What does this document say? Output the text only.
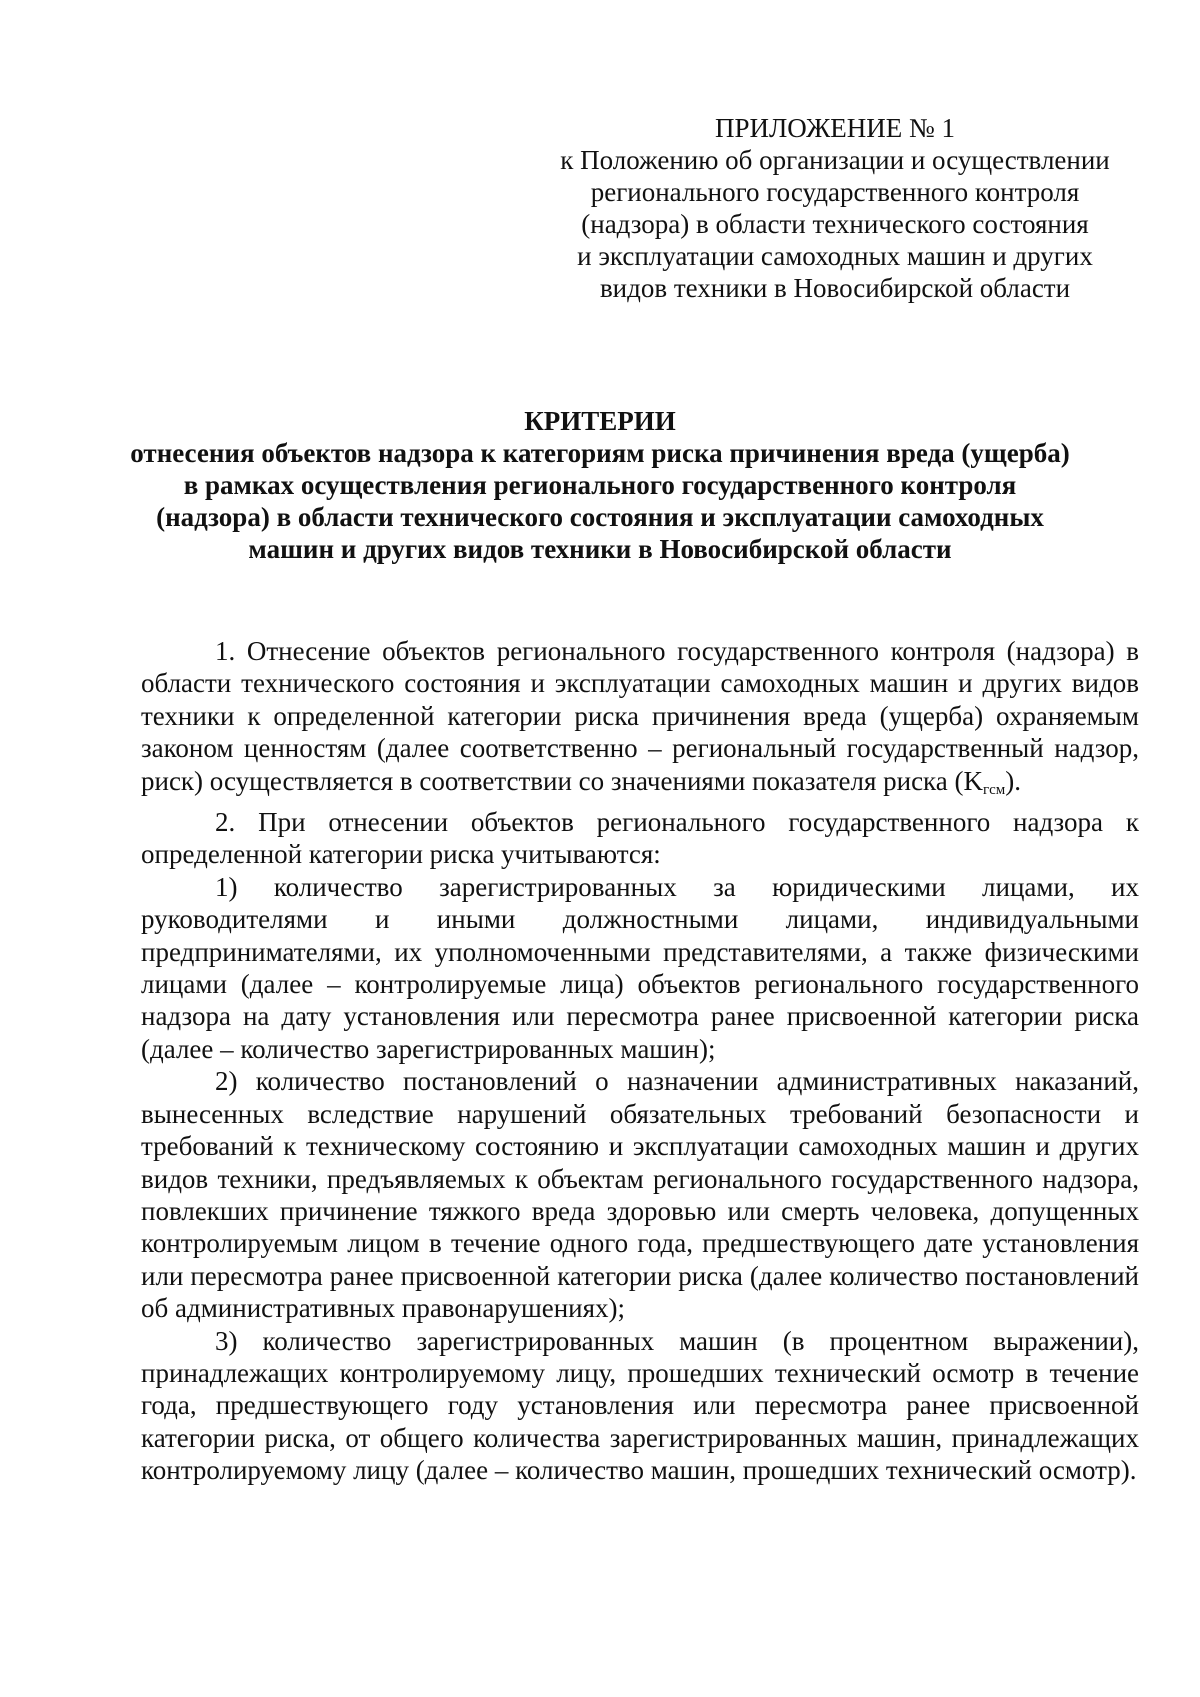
ПРИЛОЖЕНИЕ № 1
к Положению об организации и осуществлении
регионального государственного контроля
(надзора) в области технического состояния
и эксплуатации самоходных машин и других
видов техники в Новосибирской области
КРИТЕРИИ
отнесения объектов надзора к категориям риска причинения вреда (ущерба)
в рамках осуществления регионального государственного контроля
(надзора) в области технического состояния и эксплуатации самоходных
машин и других видов техники в Новосибирской области

1. Отнесение объектов регионального государственного контроля (надзора) в области технического состояния и эксплуатации самоходных машин и других видов техники к определенной категории риска причинения вреда (ущерба) охраняемым законом ценностям (далее соответственно – региональный государственный надзор, риск) осуществляется в соответствии со значениями показателя риска $(K_{гсм})$.

2. При отнесении объектов регионального государственного надзора к определенной категории риска учитываются:

1) количество зарегистрированных за юридическими лицами, их руководителями и иными должностными лицами, индивидуальными предпринимателями, их уполномоченными представителями, а также физическими лицами (далее – контролируемые лица) объектов регионального государственного надзора на дату установления или пересмотра ранее присвоенной категории риска (далее – количество зарегистрированных машин);

2) количество постановлений о назначении административных наказаний, вынесенных вследствие нарушений обязательных требований безопасности и требований к техническому состоянию и эксплуатации самоходных машин и других видов техники, предъявляемых к объектам регионального государственного надзора, повлекших причинение тяжкого вреда здоровью или смерть человека, допущенных контролируемым лицом в течение одного года, предшествующего дате установления или пересмотра ранее присвоенной категории риска (далее количество постановлений об административных правонарушениях);

3) количество зарегистрированных машин (в процентном выражении), принадлежащих контролируемому лицу, прошедших технический осмотр в течение года, предшествующего году установления или пересмотра ранее присвоенной категории риска, от общего количества зарегистрированных машин, принадлежащих контролируемому лицу (далее – количество машин, прошедших технический осмотр).
